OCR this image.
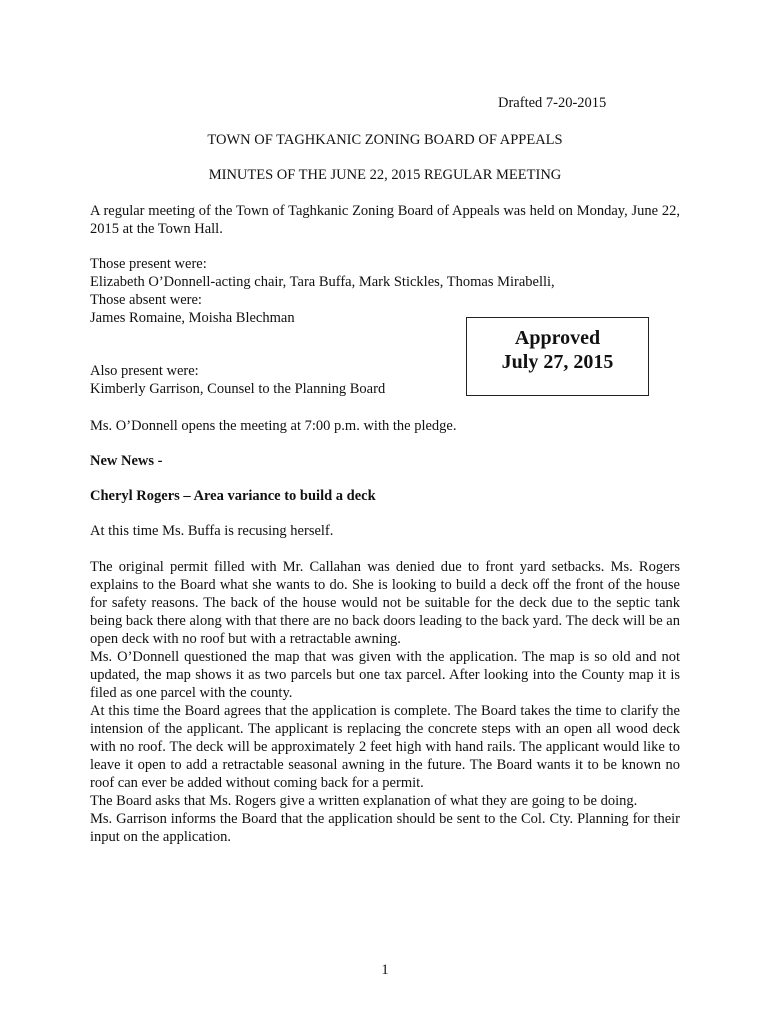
Drafted 7-20-2015

TOWN OF TAGHKANIC ZONING BOARD OF APPEALS

MINUTES OF THE JUNE 22, 2015 REGULAR MEETING

A regular meeting of the Town of Taghkanic Zoning Board of Appeals was held on Monday, June 22, 2015 at the Town Hall.

Those present were:

Elizabeth O’Donnell-acting chair, Tara Buffa, Mark Stickles, Thomas Mirabelli,

Those absent were:

James Romaine, Moisha Blechman

Approved
July 27, 2015

Also present were:

Kimberly Garrison, Counsel to the Planning Board

Ms. O’Donnell opens the meeting at 7:00 p.m. with the pledge.

New News -

Cheryl Rogers – Area variance to build a deck

At this time Ms. Buffa is recusing herself.

The original permit filled with Mr. Callahan was denied due to front yard setbacks. Ms. Rogers explains to the Board what she wants to do. She is looking to build a deck off the front of the house for safety reasons. The back of the house would not be suitable for the deck due to the septic tank being back there along with that there are no back doors leading to the back yard. The deck will be an open deck with no roof but with a retractable awning.
Ms. O’Donnell questioned the map that was given with the application. The map is so old and not updated, the map shows it as two parcels but one tax parcel. After looking into the County map it is filed as one parcel with the county.
At this time the Board agrees that the application is complete. The Board takes the time to clarify the intension of the applicant. The applicant is replacing the concrete steps with an open all wood deck with no roof. The deck will be approximately 2 feet high with hand rails. The applicant would like to leave it open to add a retractable seasonal awning in the future. The Board wants it to be known no roof can ever be added without coming back for a permit.
The Board asks that Ms. Rogers give a written explanation of what they are going to be doing.
Ms. Garrison informs the Board that the application should be sent to the Col. Cty. Planning for their input on the application.

1
